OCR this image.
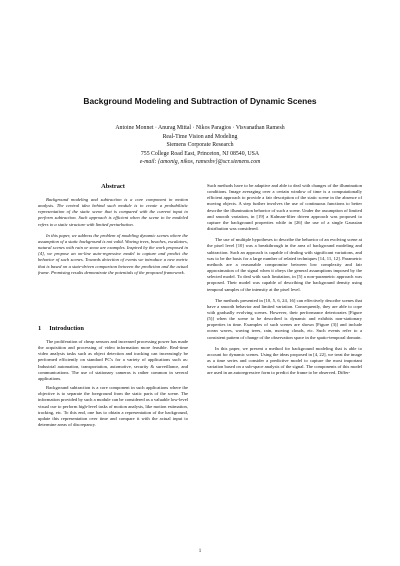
Background Modeling and Subtraction of Dynamic Scenes
Antoine Monnet · Anurag Mittal · Nikos Paragios · Visvanathan Ramesh
Real-Time Vision and Modeling
Siemens Corporate Research
755 College Road East, Princeton, NJ 08540, USA
e-mail: {amonig, nikos, rameshv}@scr.siemens.com
Abstract

Background modeling and subtraction is a core component in motion analysis. The central idea behind such module is to create a probabilistic representation of the static scene that is compared with the current input to perform subtraction. Such approach is efficient when the scene to be modeled refers to a static structure with limited perturbation.

In this paper, we address the problem of modeling dynamic scenes where the assumption of a static background is not valid. Waving trees, beaches, escalators, natural scenes with rain or snow are examples. Inspired by the work proposed in [4], we propose an on-line auto-regressive model to capture and predict the behavior of such scenes. Towards detection of events we introduce a new metric that is based on a state-driven comparison between the prediction and the actual frame. Promising results demonstrate the potentials of the proposed framework.

1 Introduction

The proliferation of cheap sensors and increased processing power has made the acquisition and processing of video information more feasible. Real-time video analysis tasks such as object detection and tracking can increasingly be performed efficiently on standard PC's for a variety of applications such as: Industrial automation, transportation, automotive, security & surveillance, and communications. The use of stationary cameras is rather common in several applications.

Background subtraction is a core component in such applications where the objective is to separate the foreground from the static parts of the scene. The information provided by such a module can be considered as a valuable low-level visual cue to perform high-level tasks of motion analysis, like motion estimation, tracking, etc. To this end, one has to obtain a representation of the background, update this representation over time and compare it with the actual input to determine areas of discrepancy.

Such methods have to be adaptive and able to deal with changes of the illumination conditions. Image averaging over a certain window of time is a computationally efficient approach to provide a fair description of the static scene in the absence of moving objects. A step further involves the use of continuous functions to better describe the illumination behavior of such a scene. Under the assumption of limited and smooth variation, in [19] a Kalman-filter driven approach was proposed to capture the background properties while in [26] the use of a single Gaussian distribution was considered.

The use of multiple hypotheses to describe the behavior of an evolving scene at the pixel level [10] was a breakthrough in the area of background modeling and subtraction. Such an approach is capable of dealing with significant variations, and was to be the basis for a large number of related techniques [14, 11, 12]. Parametric methods are a reasonable compromise between low complexity and fair approximation of the signal when it obeys the general assumptions imposed by the selected model. To deal with such limitation, in [5] a non-parametric approach was proposed. Their model was capable of describing the background density using temporal samples of the intensity at the pixel level.

The methods presented in [10, 5, 6, 24, 16] can effectively describe scenes that have a smooth behavior and limited variation. Consequently, they are able to cope with gradually evolving scenes. However, their performance deteriorates [Figure (5)] when the scene to be described is dynamic and exhibits non-stationary properties in time. Examples of such scenes are shown [Figure (3)] and include ocean waves, waving trees, rain, moving clouds, etc. Such events refer to a consistent pattern of change of the observation space in the spatio-temporal domain.

In this paper, we present a method for background modeling that is able to account for dynamic scenes. Using the ideas proposed in [4, 22], we treat the image as a time series and consider a predictive model to capture the most important variation based on a sub-space analysis of the signal. The components of this model are used in an autoregressive form to predict the frame to be observed. Differ-

1
